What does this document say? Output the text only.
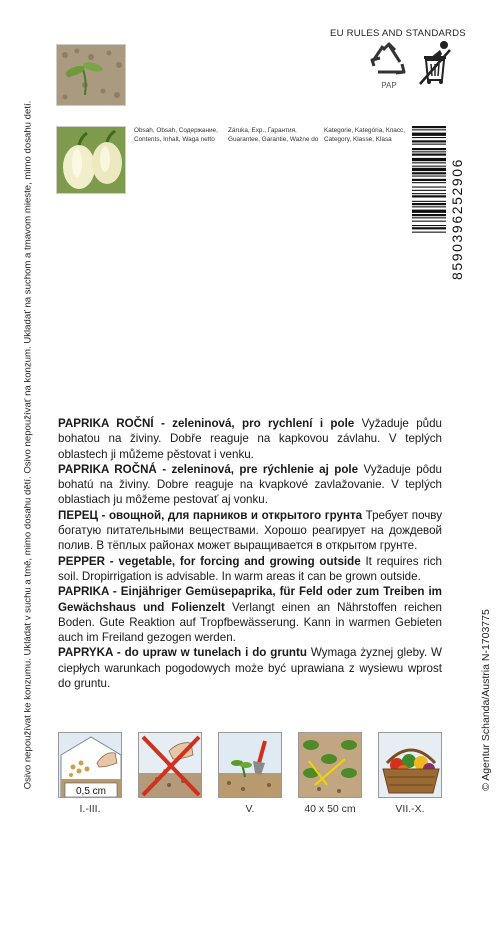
Osivo nepoužívat ke konzumu. Ukládat v suchu a tmě, mimo dosahu dětí. Osivo nepoužívať na konzum. Ukladať na suchom a tmavom mieste, mimo dosahu detí.	© Agentur Schanda/Austria N-1703775
Obsah, Obsah, Содержание,
Contents, Inhalt, Waga netto
Záruka, Exp., Гарантия,
Guarantee, Garantie, Ważne do
Kategorie, Kategória, Класс,
Category, Klasse, Klasa
EU RULES AND STANDARDS
PAP
8590396252906

PAPRIKA ROČNÍ - zeleninová, pro rychlení i pole Vyžaduje půdu bohatou na živiny. Dobře reaguje na kapkovou závlahu. V teplých oblastech ji můžeme pěstovat i venku.

PAPRIKA ROČNÁ - zeleninová, pre rýchlenie aj pole Vyžaduje pôdu bohatú na živiny. Dobre reaguje na kvapkové zavlažovanie. V teplých oblastiach ju môžeme pestovať aj vonku.

ПЕРЕЦ - овощной, для парников и открытого грунта Требует почву богатую питательными веществами. Хорошо реагирует на дождевой полив. В тёплых районах может выращивается в открытом грунте.

PEPPER - vegetable, for forcing and growing outside It requires rich soil. Dropirrigation is advisable. In warm areas it can be grown outside.

PAPRIKA - Einjähriger Gemüsepaprika, für Feld oder zum Treiben im Gewächshaus und Folienzelt Verlangt einen an Nährstoffen reichen Boden. Gute Reaktion auf Tropfbewässerung. Kann in warmen Gebieten auch im Freiland gezogen werden.

PAPRYKA - do upraw w tunelach i do gruntu Wymaga żyznej gleby. W ciepłych warunkach pogodowych może być uprawiana z wysiewu wprost do gruntu.

0,5 cm
I.-III.	V.	40 x 50 cm	VII.-X.
